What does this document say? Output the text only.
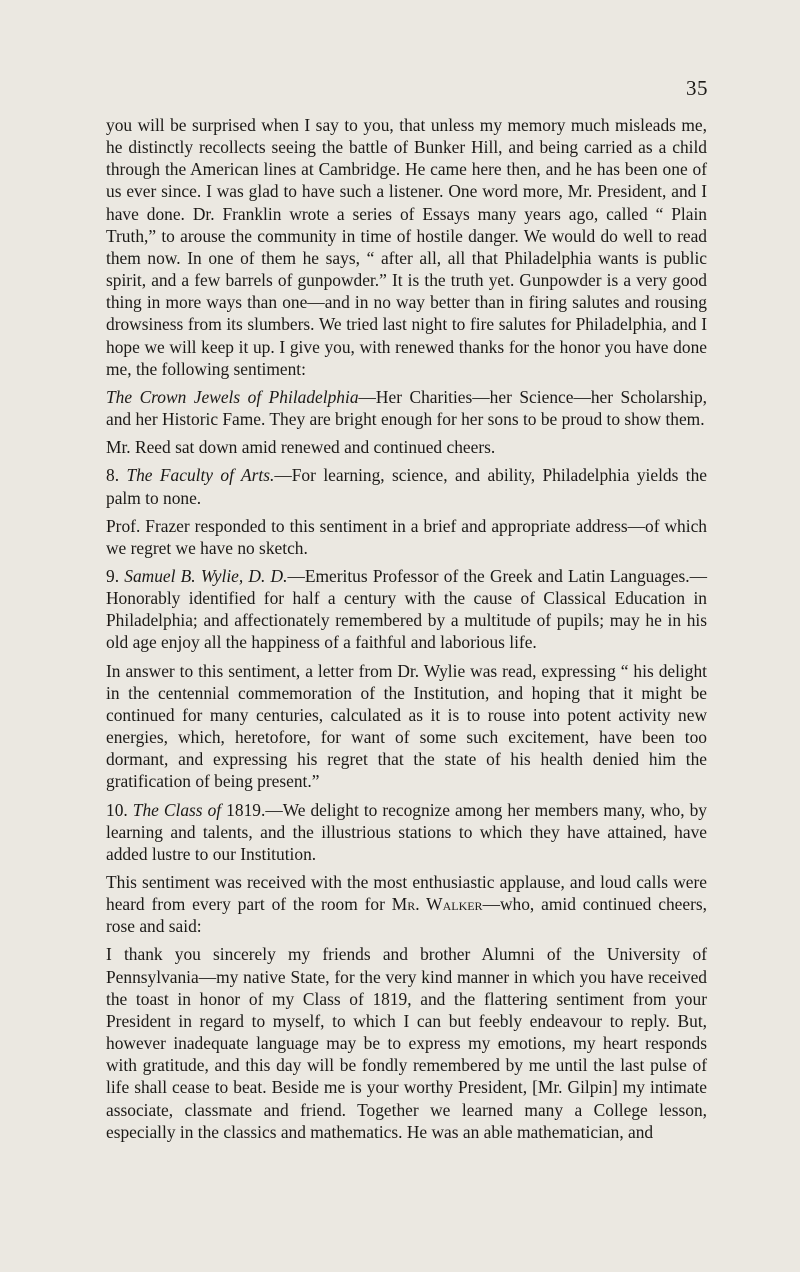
35

you will be surprised when I say to you, that unless my memory much misleads me, he distinctly recollects seeing the battle of Bunker Hill, and being carried as a child through the American lines at Cambridge. He came here then, and he has been one of us ever since. I was glad to have such a listener. One word more, Mr. President, and I have done. Dr. Franklin wrote a series of Essays many years ago, called “ Plain Truth,” to arouse the community in time of hostile danger. We would do well to read them now. In one of them he says, “ after all, all that Philadelphia wants is public spirit, and a few barrels of gunpowder.” It is the truth yet. Gunpowder is a very good thing in more ways than one—and in no way better than in firing salutes and rousing drowsiness from its slumbers. We tried last night to fire salutes for Philadelphia, and I hope we will keep it up. I give you, with renewed thanks for the honor you have done me, the following sentiment:

The Crown Jewels of Philadelphia—Her Charities—her Science—her Scholarship, and her Historic Fame. They are bright enough for her sons to be proud to show them.

Mr. Reed sat down amid renewed and continued cheers.

8. The Faculty of Arts.—For learning, science, and ability, Philadelphia yields the palm to none.

Prof. Frazer responded to this sentiment in a brief and appropriate address—of which we regret we have no sketch.

9. Samuel B. Wylie, D. D.—Emeritus Professor of the Greek and Latin Languages.—Honorably identified for half a century with the cause of Classical Education in Philadelphia; and affectionately remembered by a multitude of pupils; may he in his old age enjoy all the happiness of a faithful and laborious life.

In answer to this sentiment, a letter from Dr. Wylie was read, expressing “ his delight in the centennial commemoration of the Institution, and hoping that it might be continued for many centuries, calculated as it is to rouse into potent activity new energies, which, heretofore, for want of some such excitement, have been too dormant, and expressing his regret that the state of his health denied him the gratification of being present.”

10. The Class of 1819.—We delight to recognize among her members many, who, by learning and talents, and the illustrious stations to which they have attained, have added lustre to our Institution.

This sentiment was received with the most enthusiastic applause, and loud calls were heard from every part of the room for Mr. Walker—who, amid continued cheers, rose and said:

I thank you sincerely my friends and brother Alumni of the University of Pennsylvania—my native State, for the very kind manner in which you have received the toast in honor of my Class of 1819, and the flattering sentiment from your President in regard to myself, to which I can but feebly endeavour to reply. But, however inadequate language may be to express my emotions, my heart responds with gratitude, and this day will be fondly remembered by me until the last pulse of life shall cease to beat. Beside me is your worthy President, [Mr. Gilpin] my intimate associate, classmate and friend. Together we learned many a College lesson, especially in the classics and mathematics. He was an able mathematician, and
